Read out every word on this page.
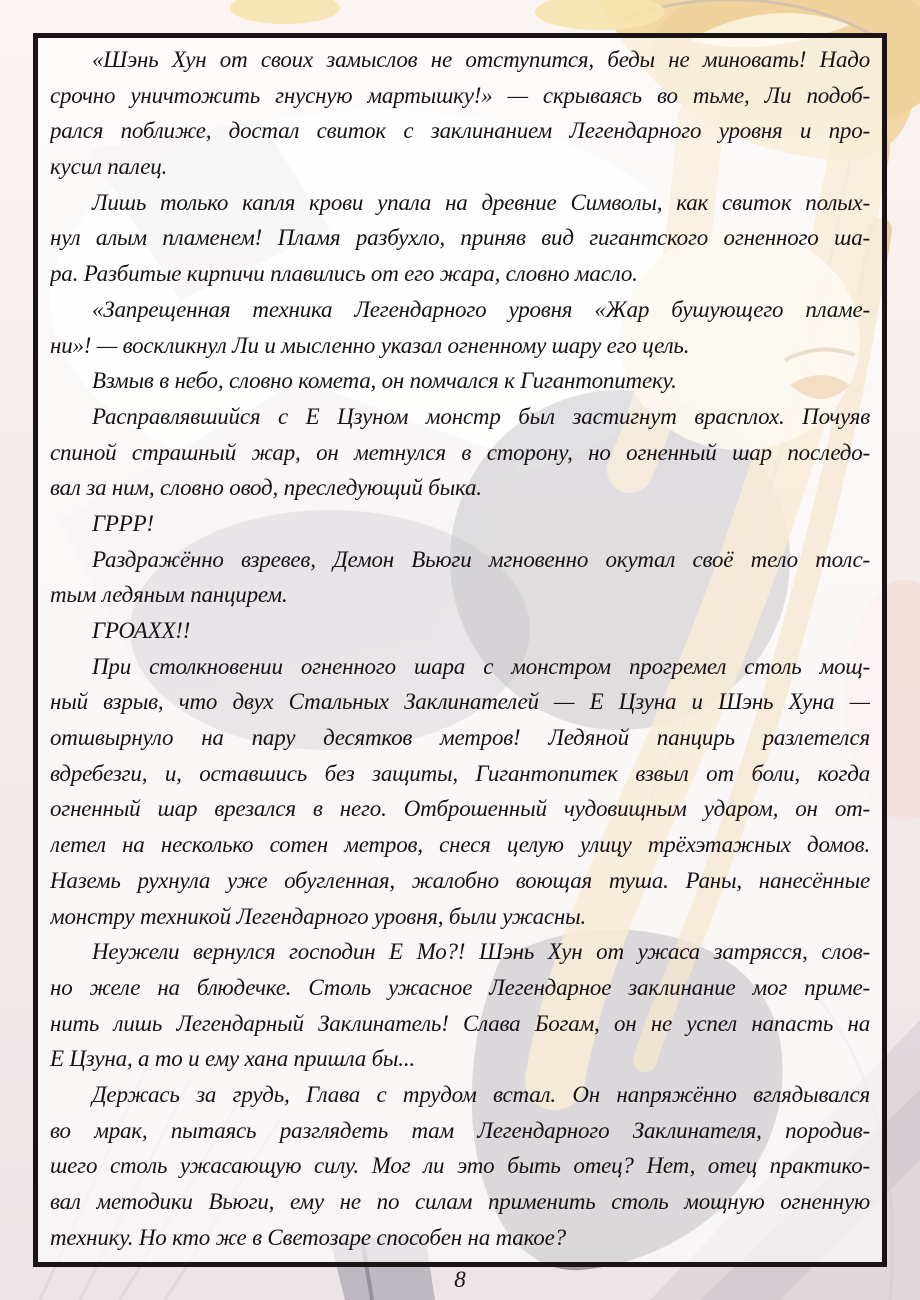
«Шэнь Хун от своих замыслов не отступится, беды не миновать! Надо
срочно уничтожить гнусную мартышку!» — скрываясь во тьме, Ли подоб-
рался поближе, достал свиток с заклинанием Легендарного уровня и про-
кусил палец.
Лишь только капля крови упала на древние Символы, как свиток полых-
нул алым пламенем! Пламя разбухло, приняв вид гигантского огненного ша-
ра. Разбитые кирпичи плавились от его жара, словно масло.
«Запрещенная техника Легендарного уровня «Жар бушующего пламе-
ни»! — воскликнул Ли и мысленно указал огненному шару его цель.
Взмыв в небо, словно комета, он помчался к Гигантопитеку.
Расправлявшийся с Е Цзуном монстр был застигнут врасплох. Почуяв
спиной страшный жар, он метнулся в сторону, но огненный шар последо-
вал за ним, словно овод, преследующий быка.
ГРРР!
Раздражённо взревев, Демон Вьюги мгновенно окутал своё тело толс-
тым ледяным панцирем.
ГРОАХХ!!
При столкновении огненного шара с монстром прогремел столь мощ-
ный взрыв, что двух Стальных Заклинателей — Е Цзуна и Шэнь Хуна —
отшвырнуло на пару десятков метров! Ледяной панцирь разлетелся
вдребезги, и, оставшись без защиты, Гигантопитек взвыл от боли, когда
огненный шар врезался в него. Отброшенный чудовищным ударом, он от-
летел на несколько сотен метров, снеся целую улицу трёхэтажных домов.
Наземь рухнула уже обугленная, жалобно воющая туша. Раны, нанесённые
монстру техникой Легендарного уровня, были ужасны.
Неужели вернулся господин Е Мо?! Шэнь Хун от ужаса затрясся, слов-
но желе на блюдечке. Столь ужасное Легендарное заклинание мог приме-
нить лишь Легендарный Заклинатель! Слава Богам, он не успел напасть на
Е Цзуна, а то и ему хана пришла бы...
Держась за грудь, Глава с трудом встал. Он напряжённо вглядывался
во мрак, пытаясь разглядеть там Легендарного Заклинателя, породив-
шего столь ужасающую силу. Мог ли это быть отец? Нет, отец практико-
вал методики Вьюги, ему не по силам применить столь мощную огненную
технику. Но кто же в Светозаре способен на такое?
8
